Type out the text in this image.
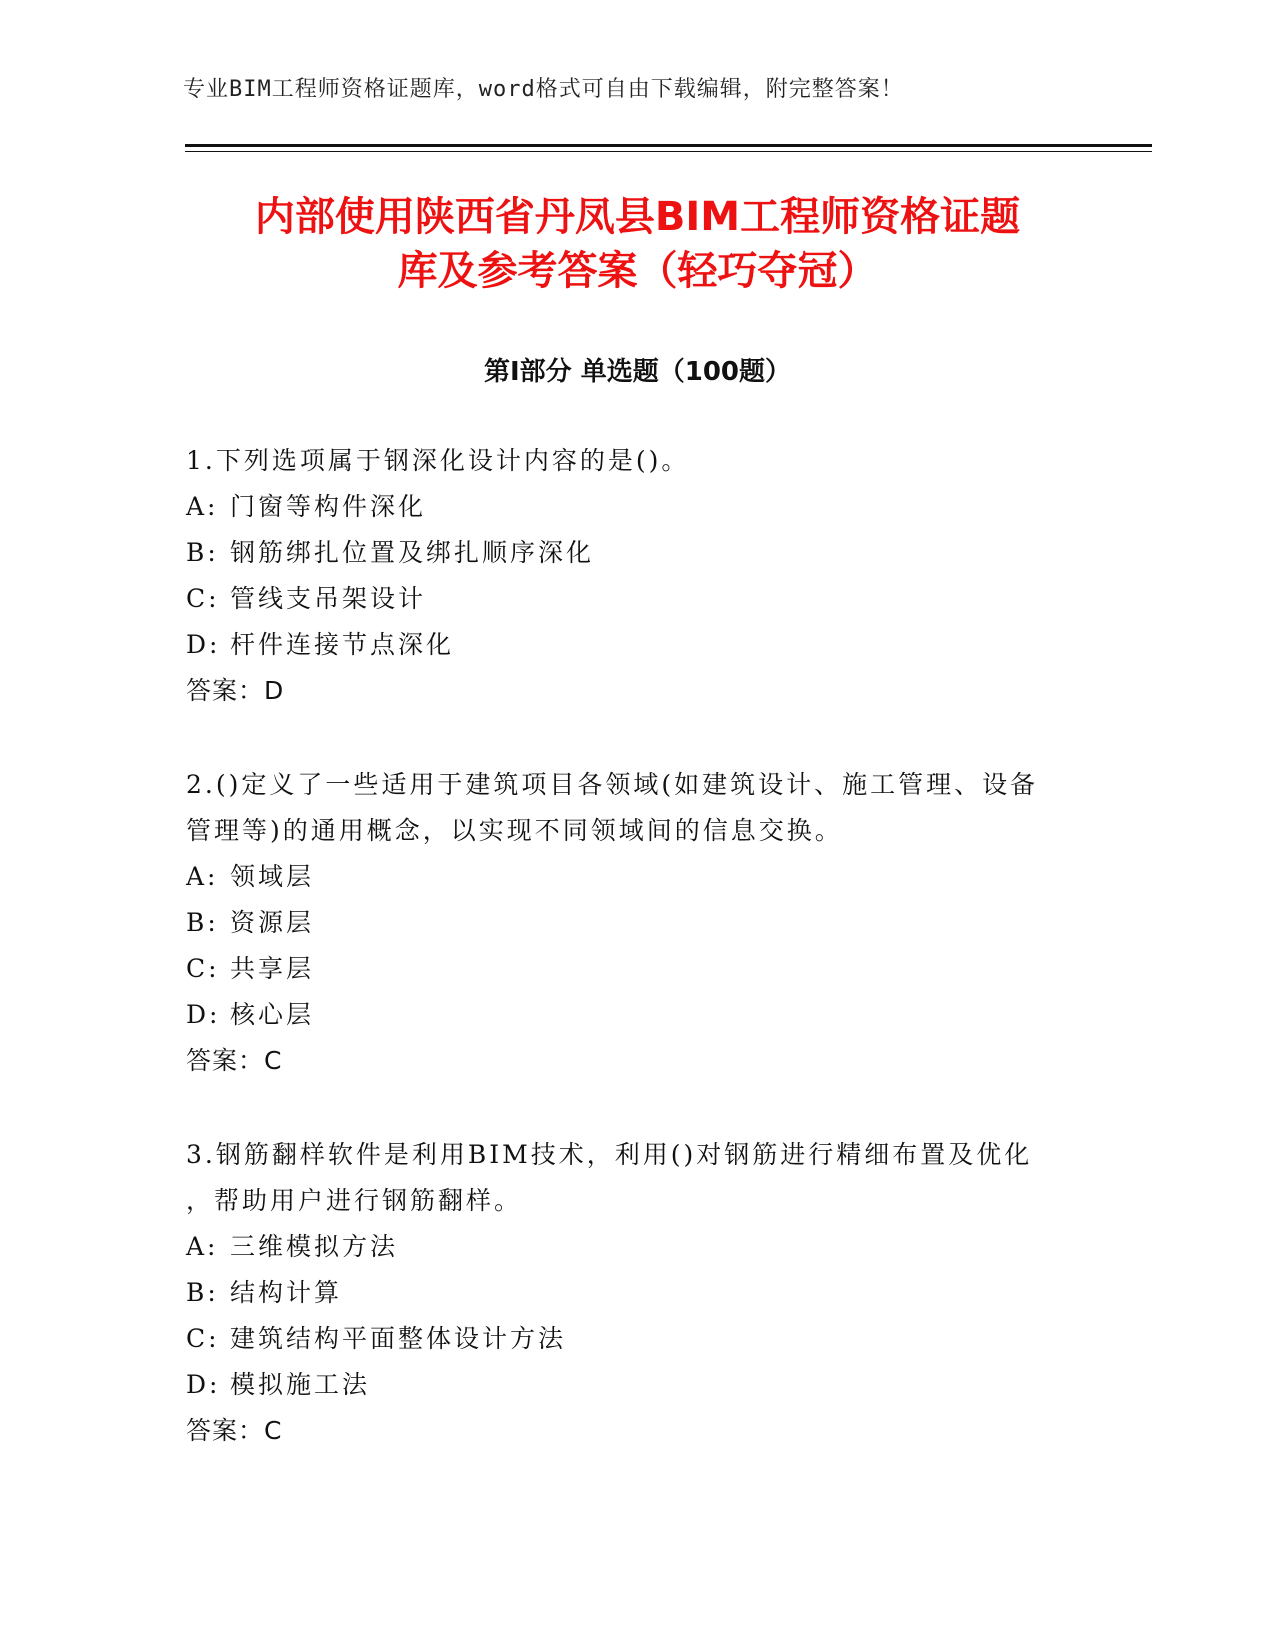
专业BIM工程师资格证题库，word格式可自由下载编辑，附完整答案！
内部使用陕西省丹凤县BIM工程师资格证题
库及参考答案（轻巧夺冠）
第Ⅰ部分 单选题（100题）
1.下列选项属于钢深化设计内容的是()。
A: 门窗等构件深化
B: 钢筋绑扎位置及绑扎顺序深化
C: 管线支吊架设计
D: 杆件连接节点深化
答案：D
2.()定义了一些适用于建筑项目各领域(如建筑设计、施工管理、设备
管理等)的通用概念，以实现不同领域间的信息交换。
A: 领域层
B: 资源层
C: 共享层
D: 核心层
答案：C
3.钢筋翻样软件是利用BIM技术，利用()对钢筋进行精细布置及优化
，帮助用户进行钢筋翻样。
A: 三维模拟方法
B: 结构计算
C: 建筑结构平面整体设计方法
D: 模拟施工法
答案：C
